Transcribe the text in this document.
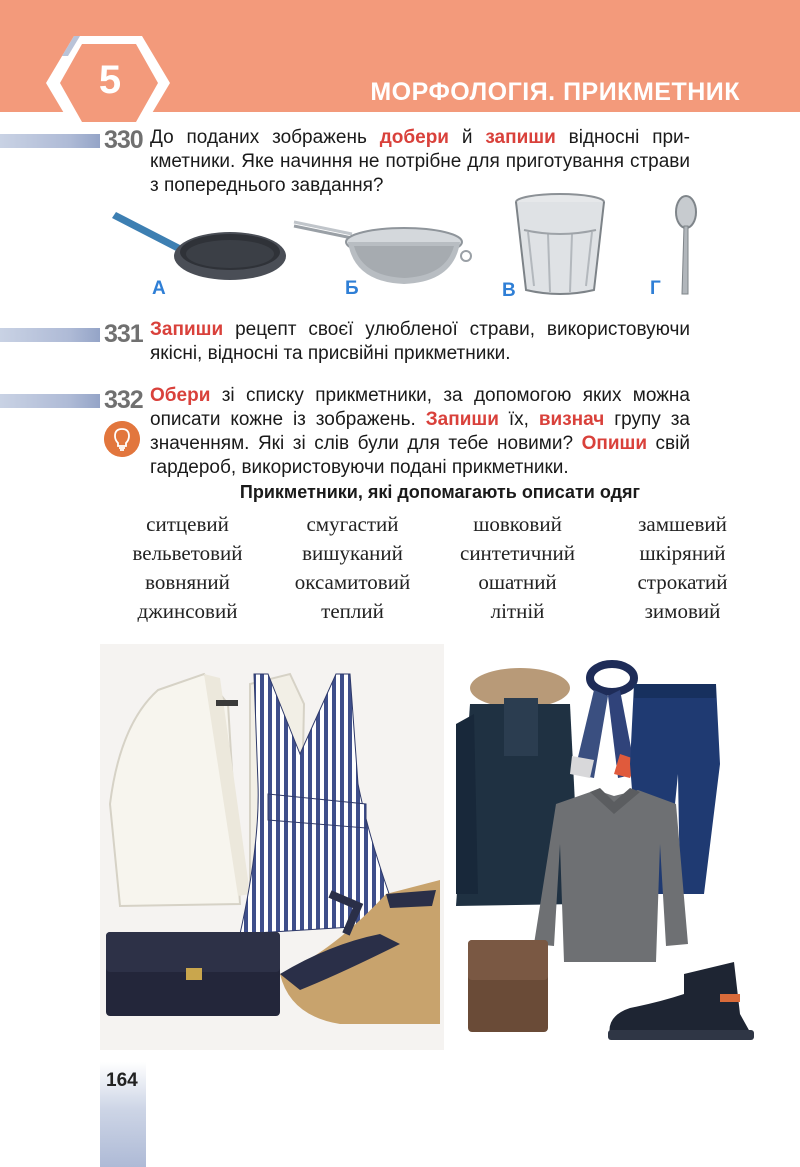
5	МОРФОЛОГІЯ. ПРИКМЕТНИК
330 До поданих зображень добери й запиши відносні прикметники. Яке начиння не потрібне для приготування страви з попереднього завдання?
А	Б	В	Г
331 Запиши рецепт своєї улюбленої страви, використовуючи якісні, відносні та присвійні прикметники.
332 Обери зі списку прикметники, за допомогою яких можна описати кожне із зображень. Запиши їх, визнач групу за значенням. Які зі слів були для тебе новими? Опиши свій гардероб, використовуючи подані прикметники.
Прикметники, які допомагають описати одяг
ситцевий	смугастий	шовковий	замшевий
вельветовий	вишуканий	синтетичний	шкіряний
вовняний	оксамитовий	ошатний	строкатий
джинсовий	теплий	літній	зимовий
164
